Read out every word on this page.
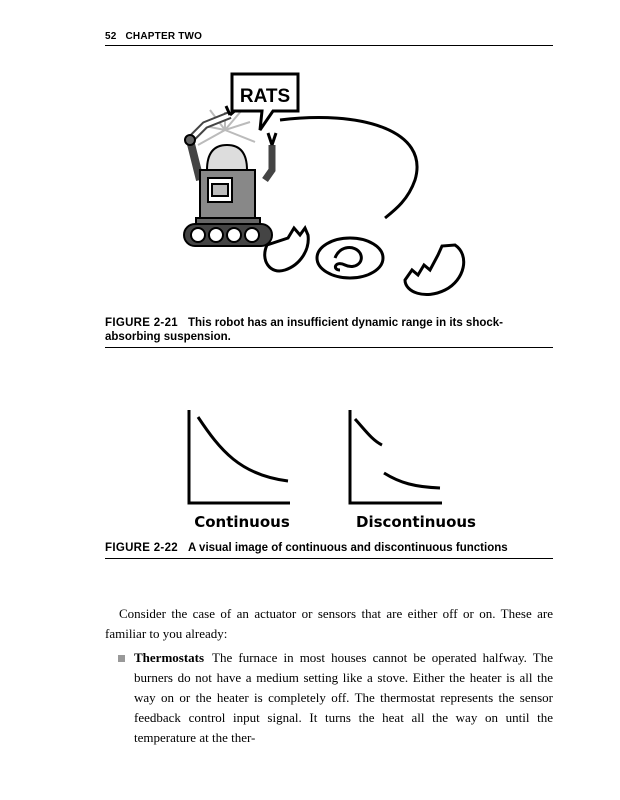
52 CHAPTER TWO
RATS
FIGURE 2-21 This robot has an insufficient dynamic range in its shock-absorbing suspension.
Continuous	Discontinuous
FIGURE 2-22 A visual image of continuous and discontinuous functions
Consider the case of an actuator or sensors that are either off or on. These are familiar to you already:
Thermostats The furnace in most houses cannot be operated halfway. The burners do not have a medium setting like a stove. Either the heater is all the way on or the heater is completely off. The thermostat represents the sensor feedback control input signal. It turns the heat all the way on until the temperature at the ther-
